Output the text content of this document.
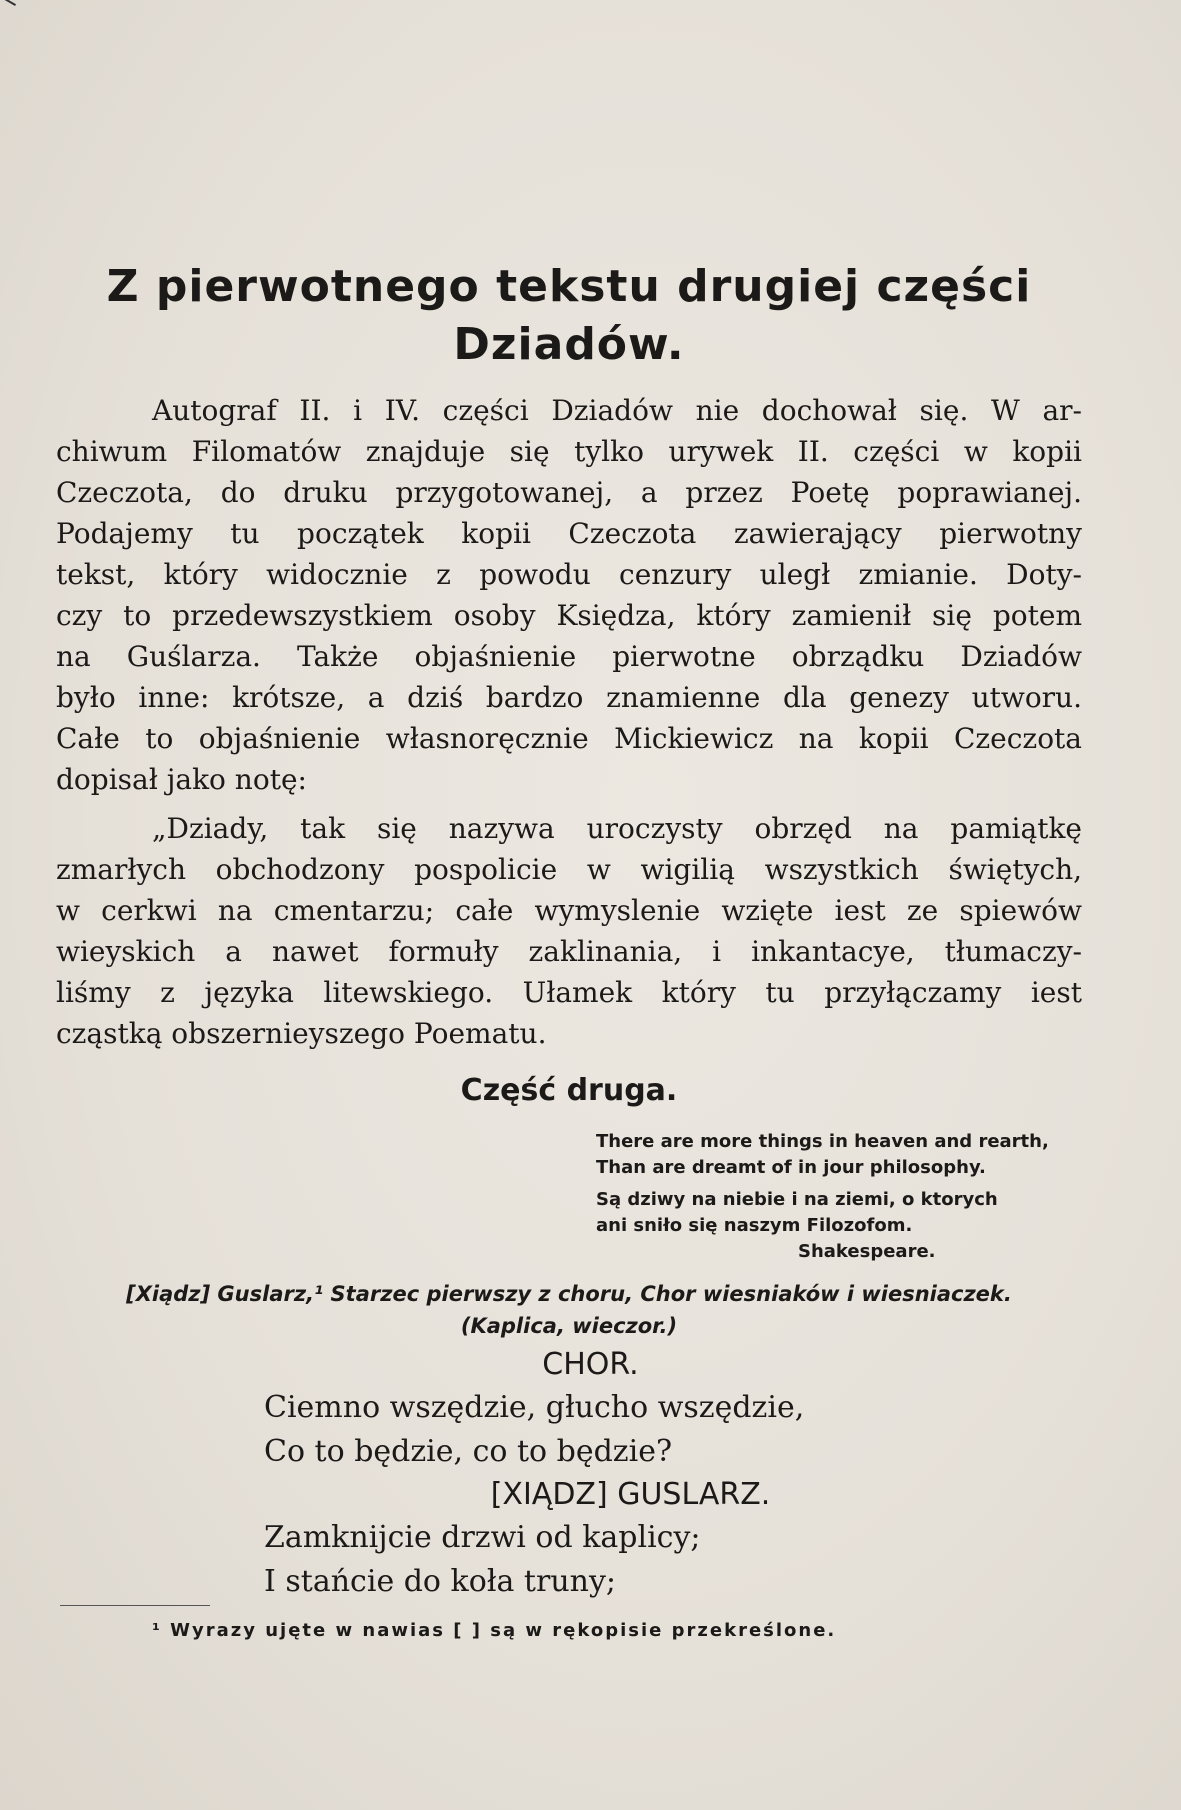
Z pierwotnego tekstu drugiej części
Dziadów.
Autograf II. i IV. części Dziadów nie dochował się. W ar-
chiwum Filomatów znajduje się tylko urywek II. części w kopii
Czeczota, do druku przygotowanej, a przez Poetę poprawianej.
Podajemy tu początek kopii Czeczota zawierający pierwotny
tekst, który widocznie z powodu cenzury uległ zmianie. Doty-
czy to przedewszystkiem osoby Księdza, który zamienił się potem
na Guślarza. Także objaśnienie pierwotne obrządku Dziadów
było inne: krótsze, a dziś bardzo znamienne dla genezy utworu.
Całe to objaśnienie własnoręcznie Mickiewicz na kopii Czeczota
dopisał jako notę:
„Dziady, tak się nazywa uroczysty obrzęd na pamiątkę
zmarłych obchodzony pospolicie w wigilią wszystkich świętych,
w cerkwi na cmentarzu; całe wymyslenie wzięte iest ze spiewów
wieyskich a nawet formuły zaklinania, i inkantacye, tłumaczy-
liśmy z języka litewskiego. Ułamek który tu przyłączamy iest
cząstką obszernieyszego Poematu.
Część druga.
There are more things in heaven and rearth,
Than are dreamt of in jour philosophy.
Są dziwy na niebie i na ziemi, o ktorych
ani sniło się naszym Filozofom.
Shakespeare.
[Xiądz] Guslarz,¹ Starzec pierwszy z choru, Chor wiesniaków i wiesniaczek.
(Kaplica, wieczor.)
CHOR.
Ciemno wszędzie, głucho wszędzie,
Co to będzie, co to będzie?
[XIĄDZ] GUSLARZ.
Zamknijcie drzwi od kaplicy;
I stańcie do koła truny;
¹ Wyrazy ujęte w nawias [ ] są w rękopisie przekreślone.
